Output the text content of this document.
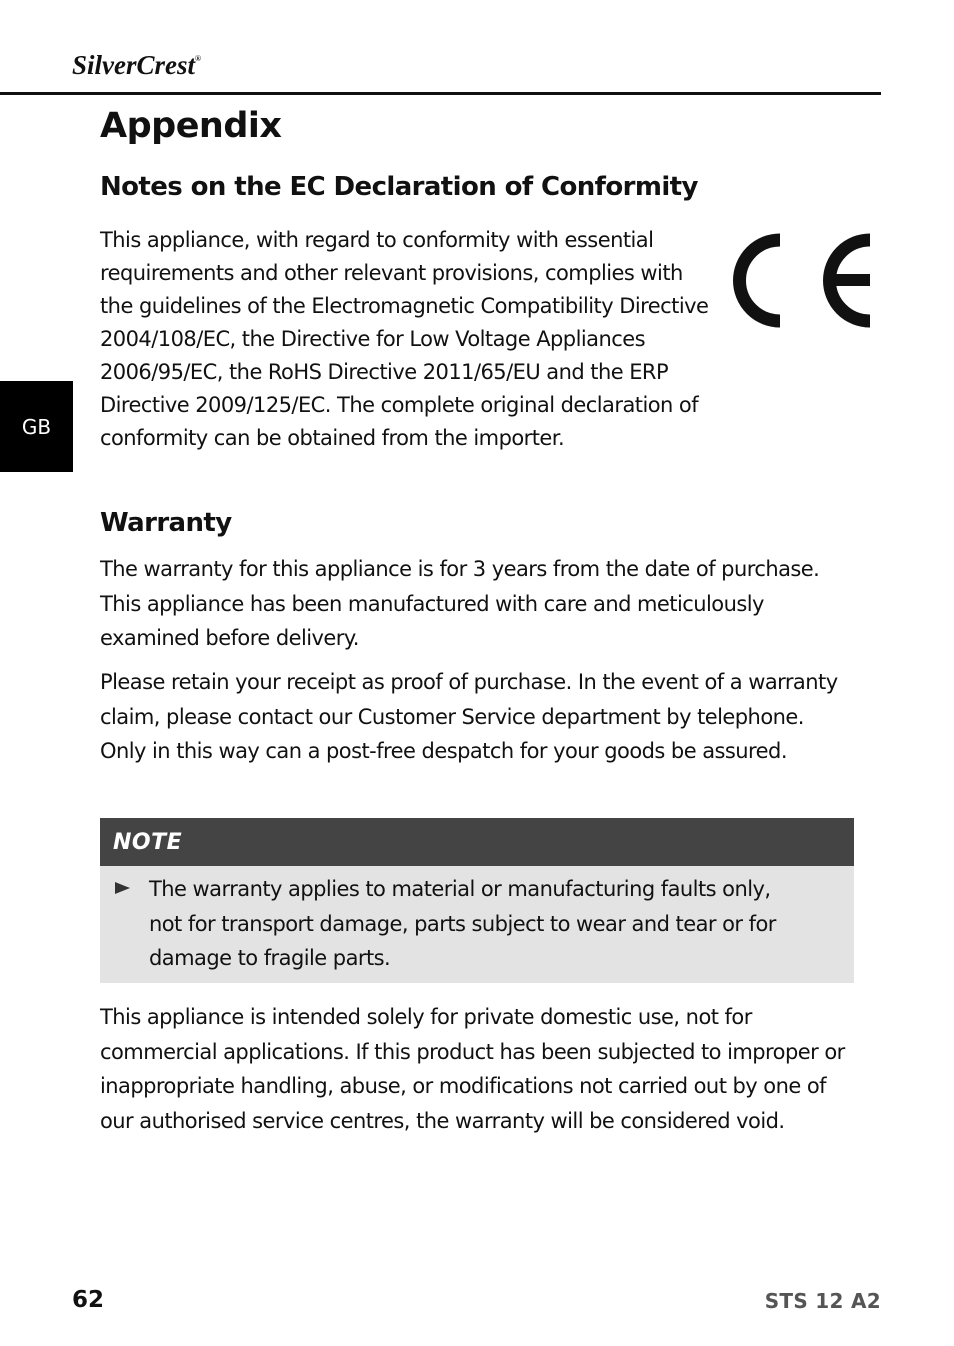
SilverCrest®
GB
Appendix
Notes on the EC Declaration of Conformity

This appliance, with regard to conformity with essential requirements and other relevant provisions, complies with the guidelines of the Electromagnetic Compatibility Directive 2004/108/EC, the Directive for Low Voltage Appliances 2006/95/EC, the RoHS Directive 2011/65/EU and the ERP Directive 2009/125/EC. The complete original declaration of conformity can be obtained from the importer.

Warranty

The warranty for this appliance is for 3 years from the date of purchase. This appliance has been manufactured with care and meticulously examined before delivery.

Please retain your receipt as proof of purchase. In the event of a warranty claim, please contact our Customer Service department by telephone. Only in this way can a post-free despatch for your goods be assured.

This appliance is intended solely for private domestic use, not for commercial applications. If this product has been subjected to improper or inappropriate handling, abuse, or modifications not carried out by one of our authorised service centres, the warranty will be considered void.

NOTE

The warranty applies to material or manufacturing faults only, not for transport damage, parts subject to wear and tear or for damage to fragile parts.

62	STS 12 A2
